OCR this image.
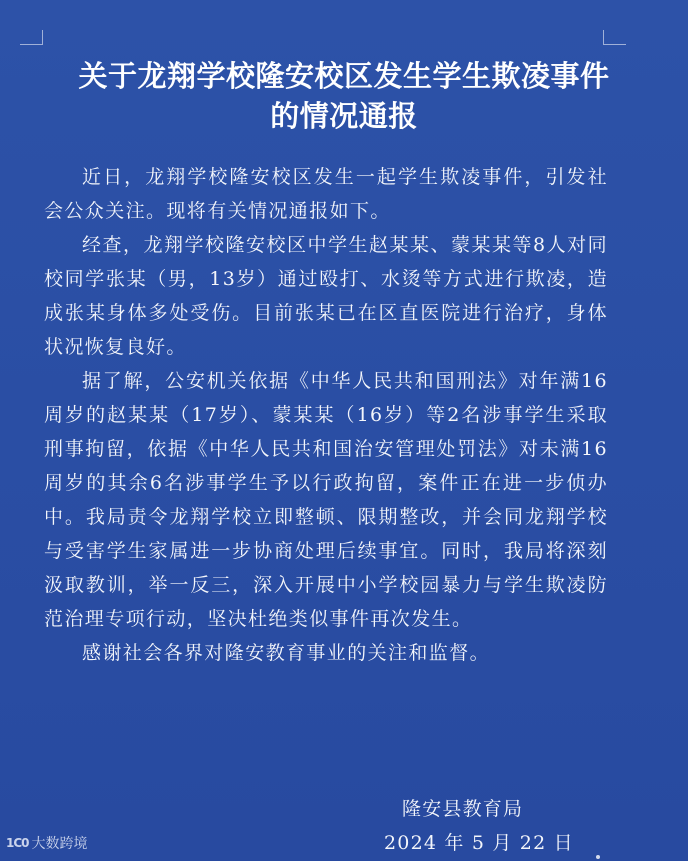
关于龙翔学校隆安校区发生学生欺凌事件
的情况通报

近日，龙翔学校隆安校区发生一起学生欺凌事件，引发社会公众关注。现将有关情况通报如下。

经查，龙翔学校隆安校区中学生赵某某、蒙某某等8人对同校同学张某（男，13岁）通过殴打、水烫等方式进行欺凌，造成张某身体多处受伤。目前张某已在区直医院进行治疗，身体状况恢复良好。

据了解，公安机关依据《中华人民共和国刑法》对年满16周岁的赵某某（17岁）、蒙某某（16岁）等2名涉事学生采取刑事拘留，依据《中华人民共和国治安管理处罚法》对未满16周岁的其余6名涉事学生予以行政拘留，案件正在进一步侦办中。我局责令龙翔学校立即整顿、限期整改，并会同龙翔学校与受害学生家属进一步协商处理后续事宜。同时，我局将深刻汲取教训，举一反三，深入开展中小学校园暴力与学生欺凌防范治理专项行动，坚决杜绝类似事件再次发生。

感谢社会各界对隆安教育事业的关注和监督。

隆安县教育局
2024 年 5 月 22 日
1C0 大数跨境
